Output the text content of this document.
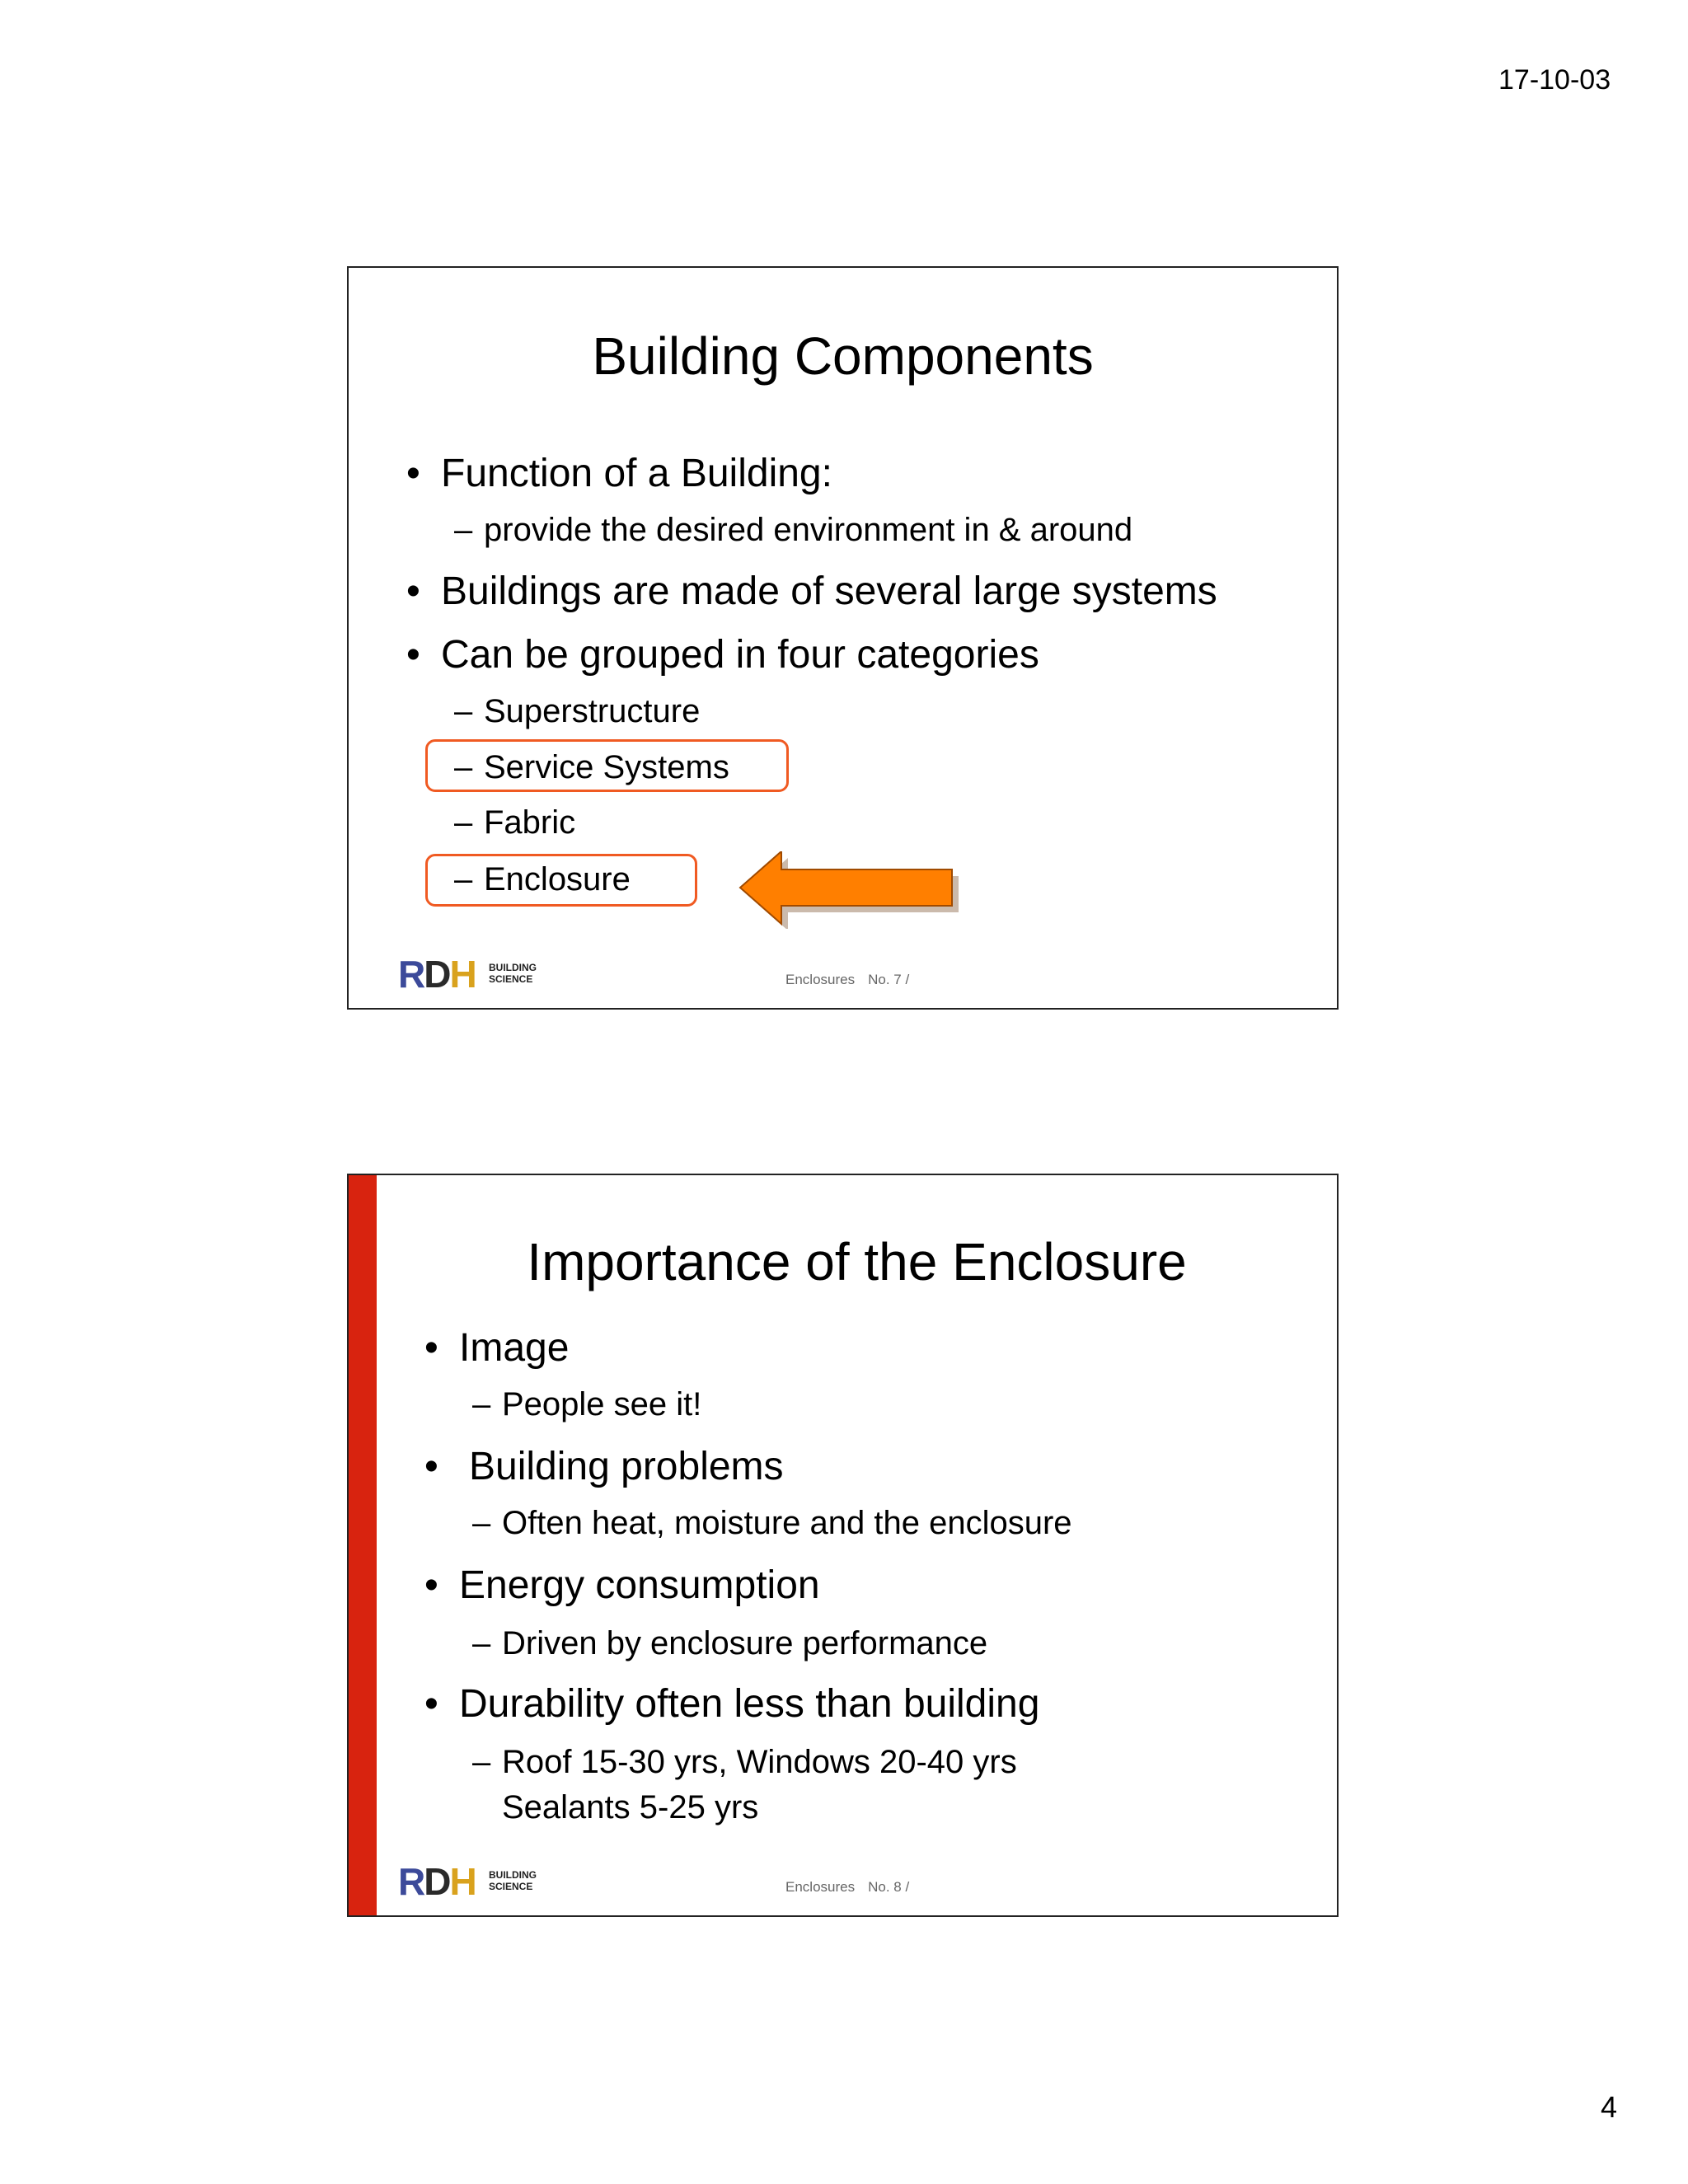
17-10-03
Building Components
• Function of a Building:
– provide the desired environment in & around
• Buildings are made of several large systems
• Can be grouped in four categories
– Superstructure
– Service Systems
– Fabric
– Enclosure
RDH BUILDING
SCIENCE	Enclosures No. 7 /
Importance of the Enclosure
• Image
– People see it!
• Building problems
– Often heat, moisture and the enclosure
• Energy consumption
– Driven by enclosure performance
• Durability often less than building
– Roof 15-30 yrs, Windows 20-40 yrs
Sealants 5-25 yrs
RDH BUILDING
SCIENCE	Enclosures No. 8 /
4
